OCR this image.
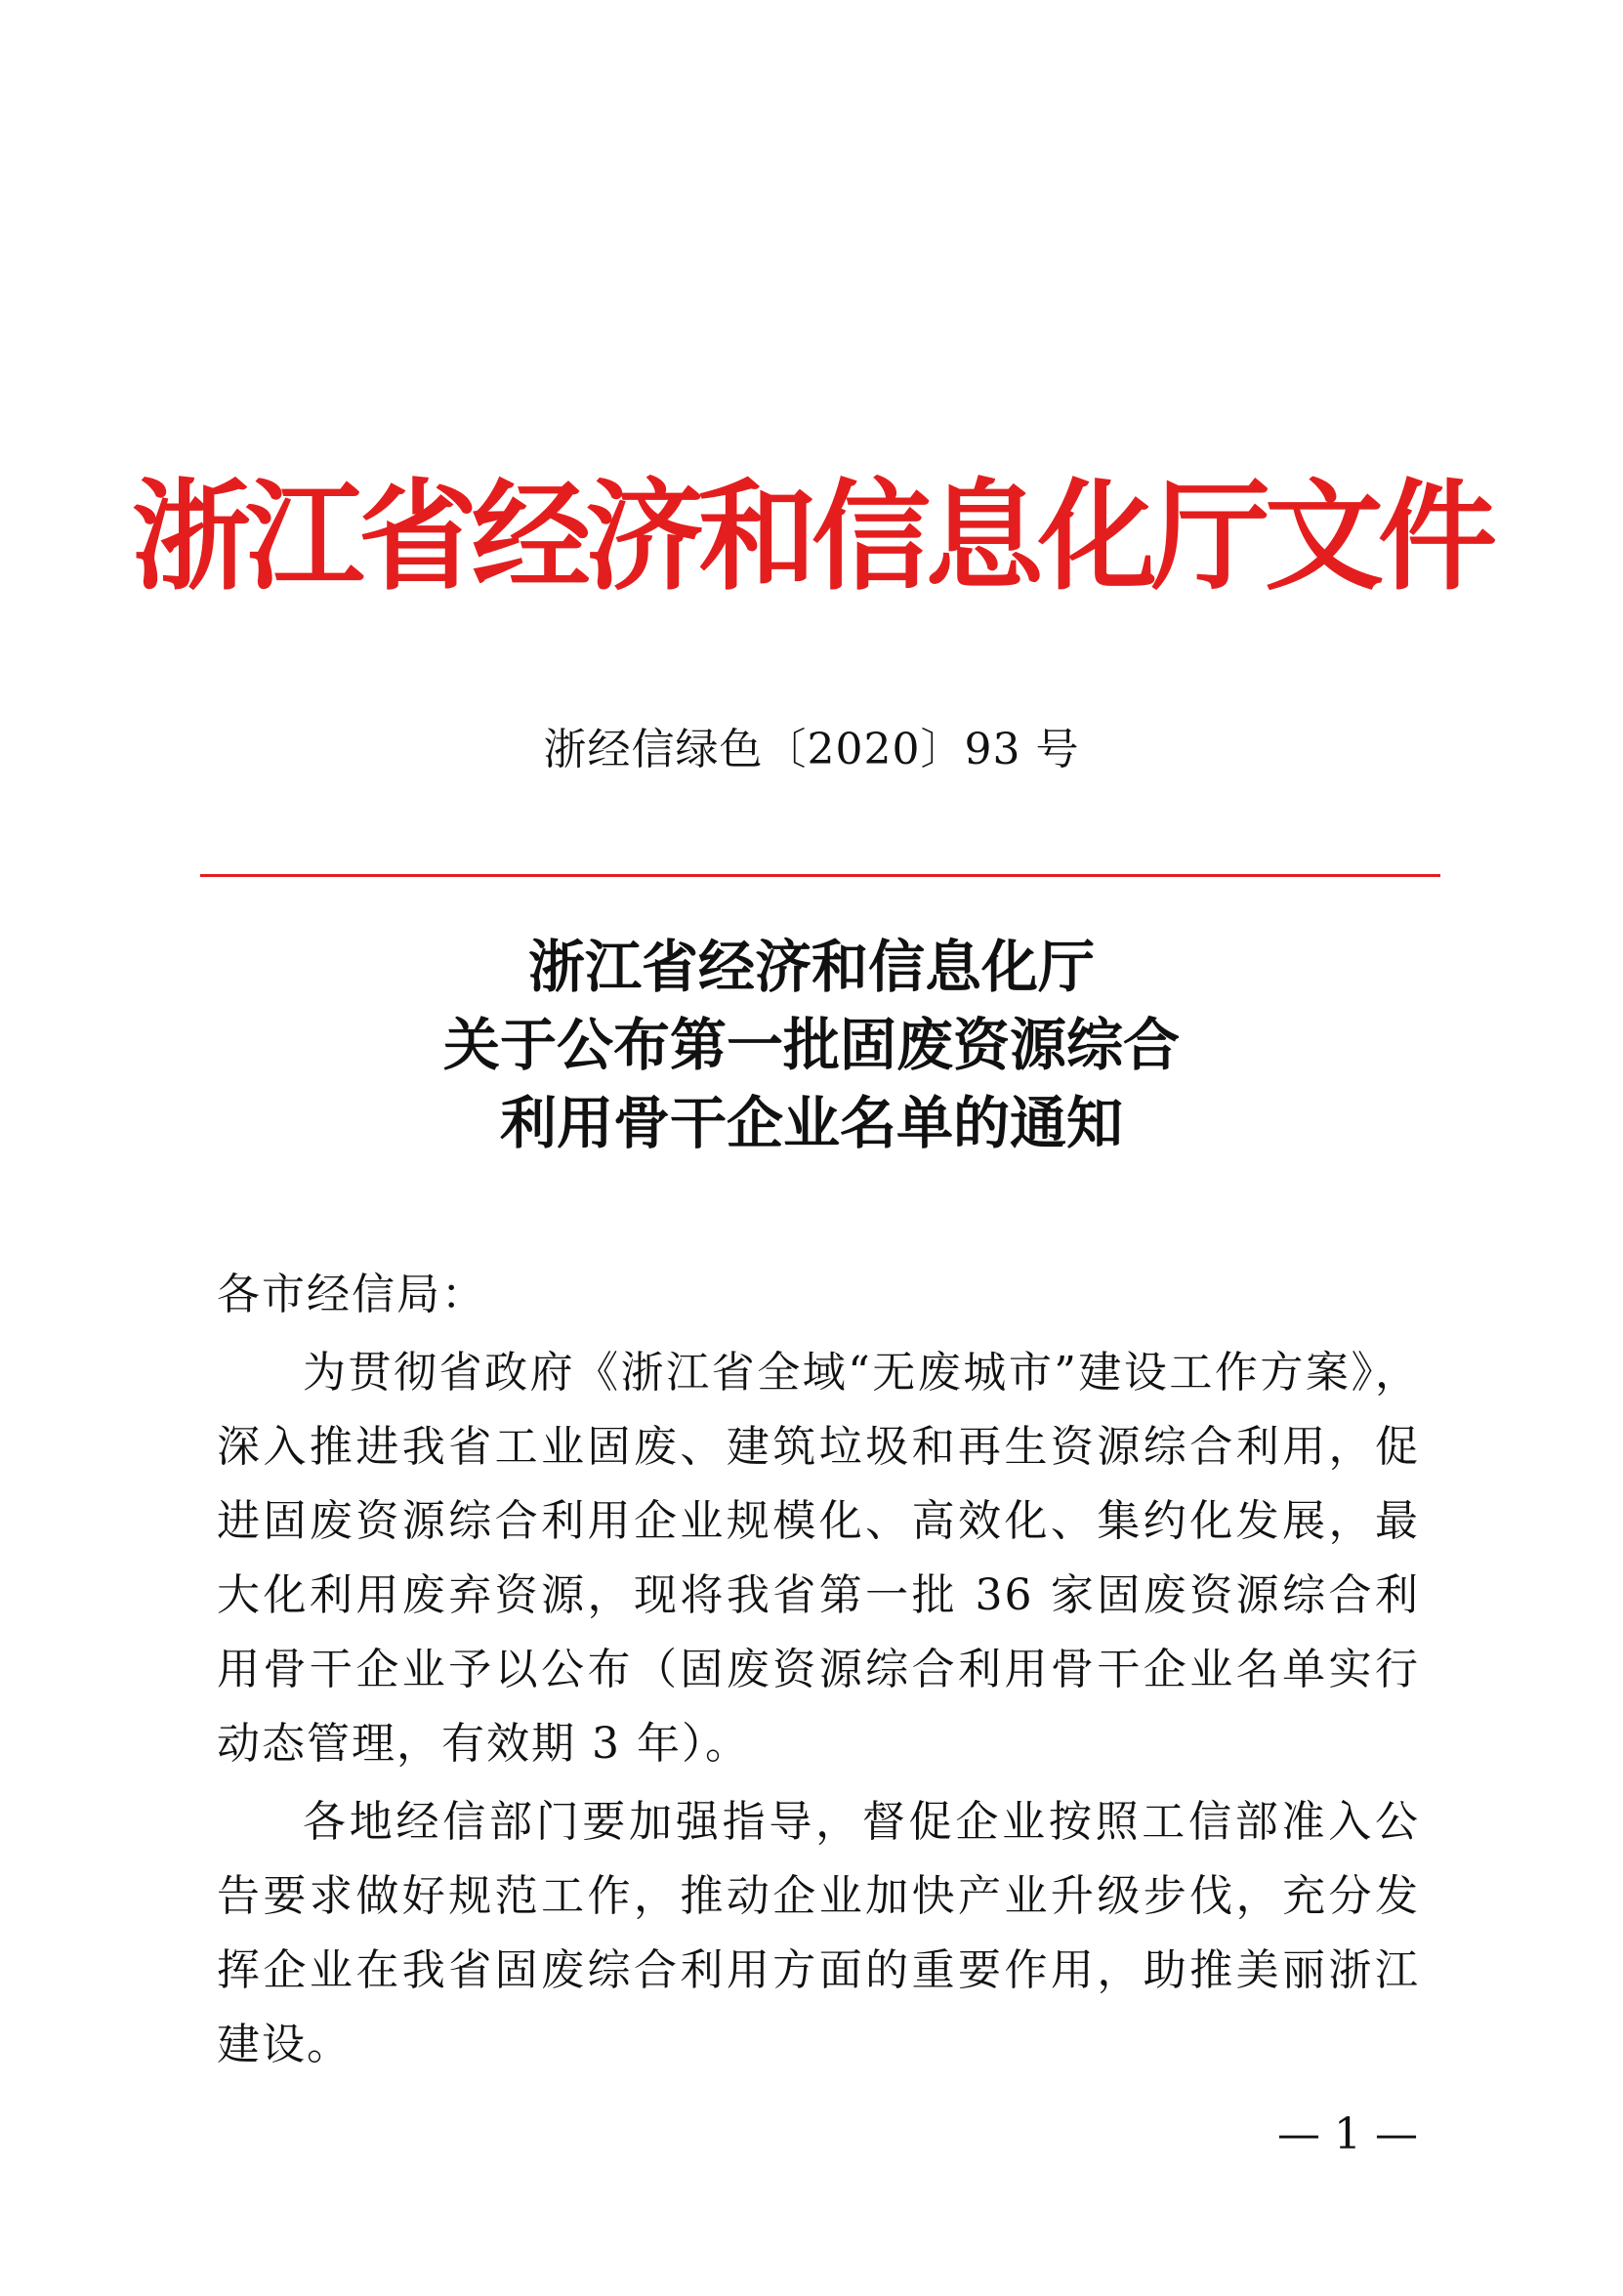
浙江省经济和信息化厅文件
浙经信绿色〔2020〕93 号
浙江省经济和信息化厅
关于公布第一批固废资源综合
利用骨干企业名单的通知

各市经信局：

为贯彻省政府《浙江省全域“无废城市”建设工作方案》，深入推进我省工业固废、建筑垃圾和再生资源综合利用，促进固废资源综合利用企业规模化、高效化、集约化发展，最大化利用废弃资源，现将我省第一批 36 家固废资源综合利用骨干企业予以公布（固废资源综合利用骨干企业名单实行动态管理，有效期 3 年）。

各地经信部门要加强指导，督促企业按照工信部准入公告要求做好规范工作，推动企业加快产业升级步伐，充分发挥企业在我省固废综合利用方面的重要作用，助推美丽浙江建设。

— 1 —
